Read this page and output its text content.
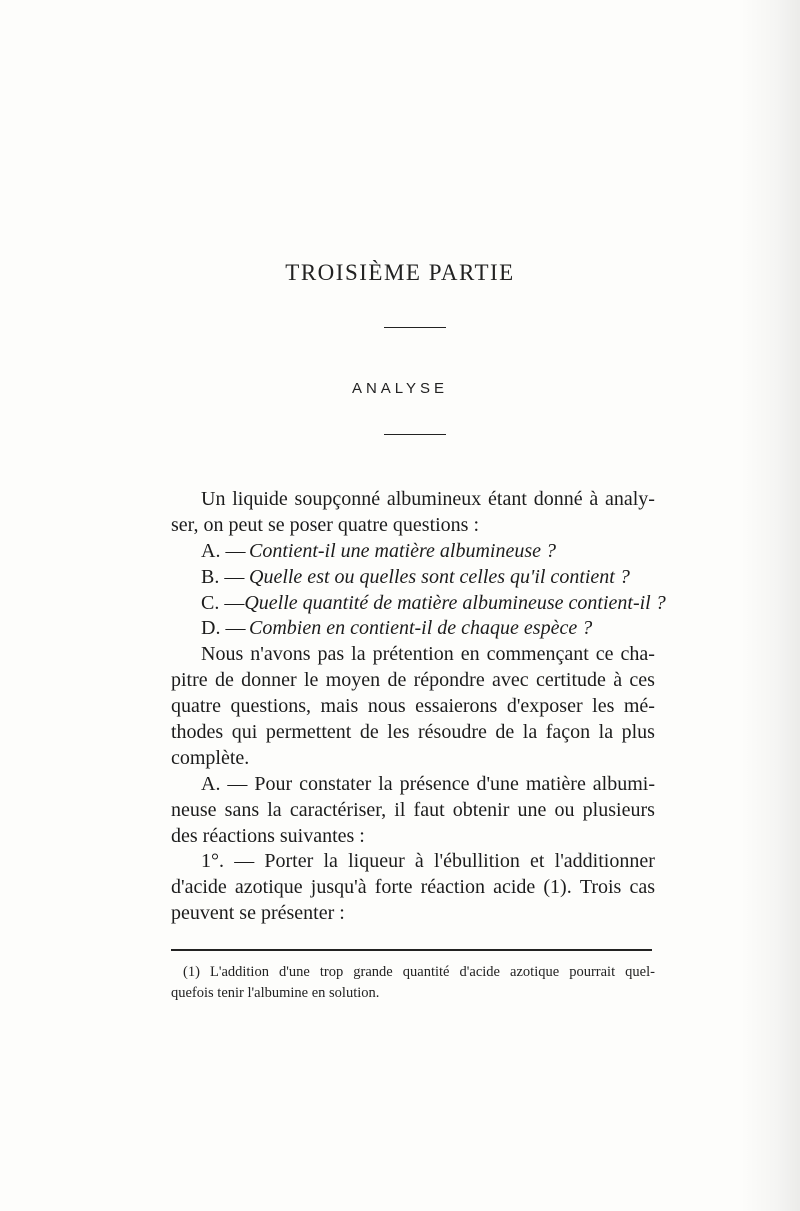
TROISIÈME PARTIE
ANALYSE
Un liquide soupçonné albumineux étant donné à analy-
ser, on peut se poser quatre questions :
A. — Contient-il une matière albumineuse ?
B. — Quelle est ou quelles sont celles qu'il contient ?
C. — Quelle quantité de matière albumineuse contient-il ?
D. — Combien en contient-il de chaque espèce ?
Nous n'avons pas la prétention en commençant ce cha-
pitre de donner le moyen de répondre avec certitude à ces
quatre questions, mais nous essaierons d'exposer les mé-
thodes qui permettent de les résoudre de la façon la plus
complète.
A. — Pour constater la présence d'une matière albumi-
neuse sans la caractériser, il faut obtenir une ou plusieurs
des réactions suivantes :
1°. — Porter la liqueur à l'ébullition et l'additionner
d'acide azotique jusqu'à forte réaction acide (1). Trois cas
peuvent se présenter :
(1) L'addition d'une trop grande quantité d'acide azotique pourrait quel-
quefois tenir l'albumine en solution.
